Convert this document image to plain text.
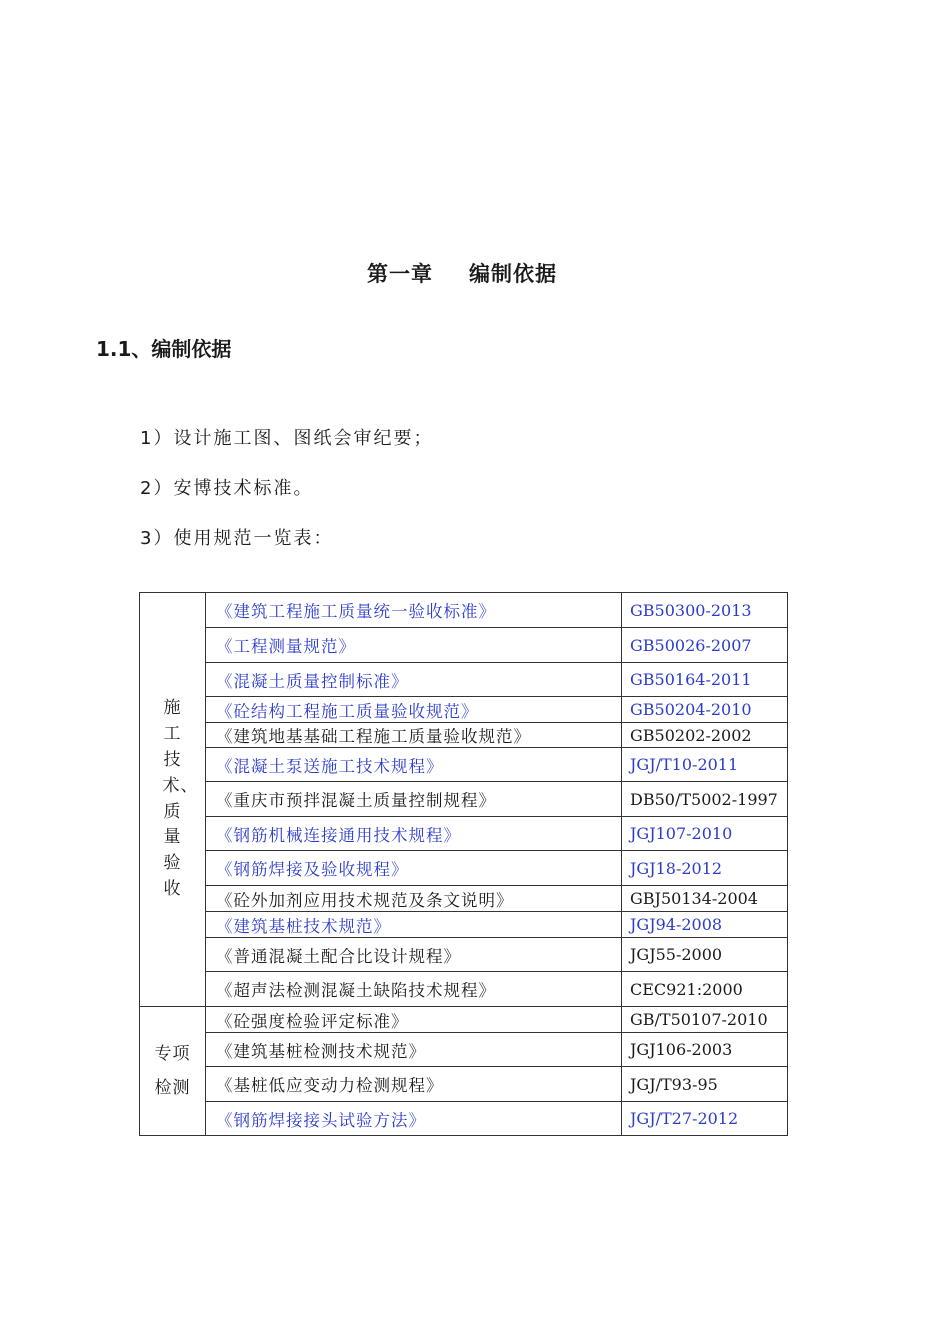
第一章 编制依据
1.1、编制依据
1）设计施工图、图纸会审纪要；
2）安博技术标准。
3）使用规范一览表：
施工技术、质量验收	《建筑工程施工质量统一验收标准》	GB50300-2013
	《工程测量规范》	GB50026-2007
	《混凝土质量控制标准》	GB50164-2011
	《砼结构工程施工质量验收规范》	GB50204-2010
	《建筑地基基础工程施工质量验收规范》	GB50202-2002
	《混凝土泵送施工技术规程》	JGJ/T10-2011
	《重庆市预拌混凝土质量控制规程》	DB50/T5002-1997
	《钢筋机械连接通用技术规程》	JGJ107-2010
	《钢筋焊接及验收规程》	JGJ18-2012
	《砼外加剂应用技术规范及条文说明》	GBJ50134-2004
	《建筑基桩技术规范》	JGJ94-2008
	《普通混凝土配合比设计规程》	JGJ55-2000
	《超声法检测混凝土缺陷技术规程》	CEC921:2000
专项检测	《砼强度检验评定标准》	GB/T50107-2010
	《建筑基桩检测技术规范》	JGJ106-2003
	《基桩低应变动力检测规程》	JGJ/T93-95
	《钢筋焊接接头试验方法》	JGJ/T27-2012
